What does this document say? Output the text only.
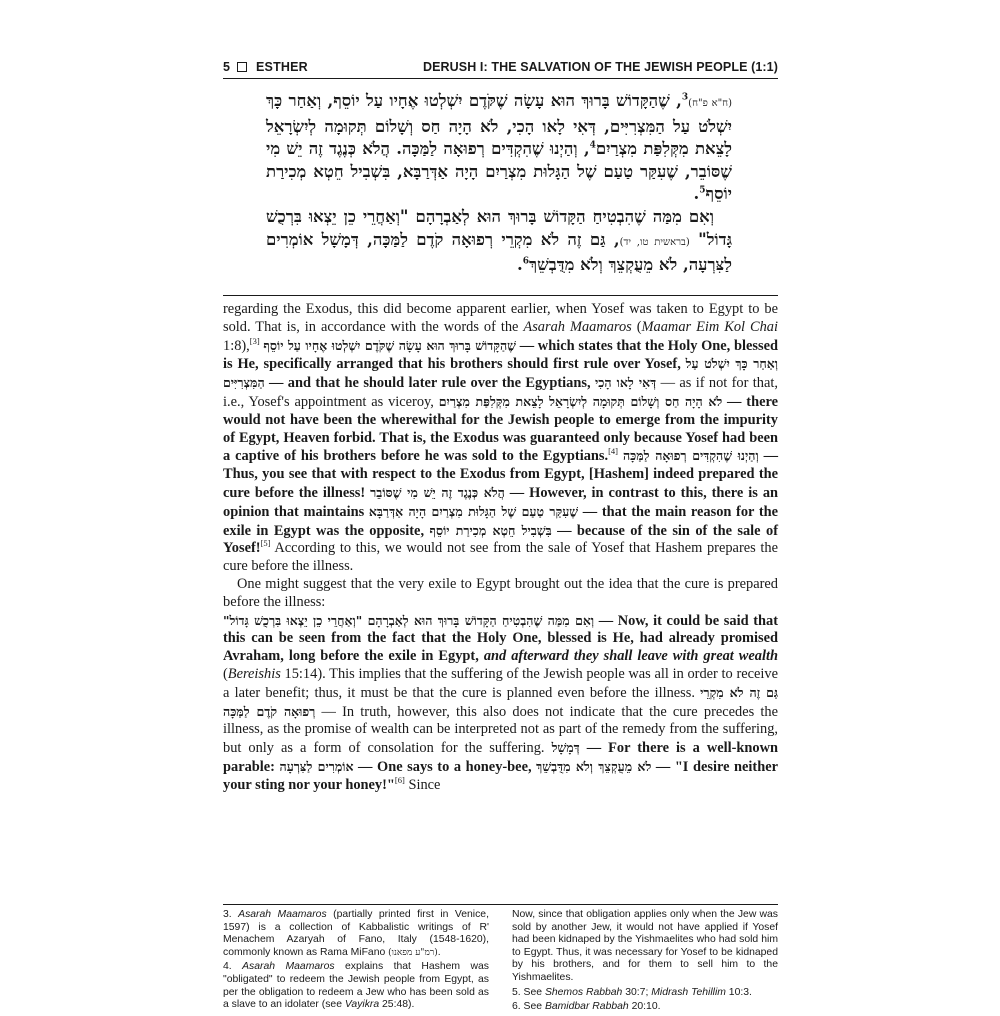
5 ESTHER	DERUSH I: THE SALVATION OF THE JEWISH PEOPLE (1:1)

(ח"א פ"ח)$^3$, שֶׁהַקָּדוֹשׁ בָּרוּךְ הוּא עָשָׂה שֶׁקֹּדֶם יִשְׁלְטוּ אֶחָיו עַל יוֹסֵף, וְאַחַר כָּךְ יִשְׁלֹט עַל הַמִּצְרִיִּים, דְּאִי לָאו הָכִי, לֹא הָיָה חַס וְשָׁלוֹם תְּקוּמָה לְיִשְׂרָאֵל לָצֵאת מִקְּלִפַּת מִצְרַיִם$^4$, וְהַיְנוּ שֶׁהִקְדִּים רְפוּאָה לַמַּכָּה. הֲלֹא כְּנֶגֶד זֶה יֵשׁ מִי שֶׁסּוֹבֵר, שֶׁעִקַּר טַעַם שֶׁל הַגָּלוּת מִצְרַיִם הָיָה אַדְּרַבָּא, בִּשְׁבִיל חֵטְא מְכִירַת יוֹסֵף$^5$.

וְאִם מִמַּה שֶׁהִבְטִיחַ הַקָּדוֹשׁ בָּרוּךְ הוּא לְאַבְרָהָם "וְאַחֲרֵי כֵן יֵצְאוּ בִּרְכֻשׁ גָּדוֹל" (בראשית טו, יד), גַּם זֶה לֹא מִקְרֵי רְפוּאָה קֹדֶם לַמַּכָּה, דְּמָשָׁל אוֹמְרִים לַצִּרְעָה, לֹא מֵעֻקְצֵךְ וְלֹא מִדֻּבְשֵׁךְ$^6$.

regarding the Exodus, this did become apparent earlier, when Yosef was taken to Egypt to be sold. That is, in accordance with the words of the Asarah Maamaros (Maamar Eim Kol Chai 1:8),[3] שֶׁהַקָּדוֹשׁ בָּרוּךְ הוּא עָשָׂה שֶׁקֹּדֶם יִשְׁלְטוּ אֶחָיו עַל יוֹסֵף — which states that the Holy One, blessed is He, specifically arranged that his brothers should first rule over Yosef, וְאַחַר כָּךְ יִשְׁלֹט עַל הַמִּצְרִיִּים — and that he should later rule over the Egyptians, דְּאִי לָאו הָכִי — as if not for that, i.e., Yosef's appointment as viceroy, לֹא הָיָה חַס וְשָׁלוֹם תְּקוּמָה לְיִשְׂרָאֵל לָצֵאת מִקְּלִפַּת מִצְרַיִם — there would not have been the wherewithal for the Jewish people to emerge from the impurity of Egypt, Heaven forbid. That is, the Exodus was guaranteed only because Yosef had been a captive of his brothers before he was sold to the Egyptians.[4] וְהַיְנוּ שֶׁהִקְדִּים רְפוּאָה לַמַּכָּה — Thus, you see that with respect to the Exodus from Egypt, [Hashem] indeed prepared the cure before the illness! הֲלֹא כְּנֶגֶד זֶה יֵשׁ מִי שֶׁסּוֹבֵר — However, in contrast to this, there is an opinion that maintains שֶׁעִקַּר טַעַם שֶׁל הַגָּלוּת מִצְרַיִם הָיָה אַדְּרַבָּא — that the main reason for the exile in Egypt was the opposite, בִּשְׁבִיל חֵטְא מְכִירַת יוֹסֵף — because of the sin of the sale of Yosef![5] According to this, we would not see from the sale of Yosef that Hashem prepares the cure before the illness.

One might suggest that the very exile to Egypt brought out the idea that the cure is prepared before the illness:

וְאִם מִמַּה שֶׁהִבְטִיחַ הַקָּדוֹשׁ בָּרוּךְ הוּא לְאַבְרָהָם "וְאַחֲרֵי כֵן יֵצְאוּ בִּרְכֻשׁ גָּדוֹל" — Now, it could be said that this can be seen from the fact that the Holy One, blessed is He, had already promised Avraham, long before the exile in Egypt, and afterward they shall leave with great wealth (Bereishis 15:14). This implies that the suffering of the Jewish people was all in order to receive a later benefit; thus, it must be that the cure is planned even before the illness. גַּם זֶה לֹא מִקְרֵי רְפוּאָה קֹדֶם לַמַּכָּה — In truth, however, this also does not indicate that the cure precedes the illness, as the promise of wealth can be interpreted not as part of the remedy from the suffering, but only as a form of consolation for the suffering. דְּמָשָׁל — For there is a well-known parable: אוֹמְרִים לַצִּרְעָה — One says to a honey-bee, לֹא מֵעֻקְצֵךְ וְלֹא מִדֻּבְשֵׁךְ — "I desire neither your sting nor your honey!"[6] Since

3. Asarah Maamaros (partially printed first in Venice, 1597) is a collection of Kabbalistic writings of R' Menachem Azaryah of Fano, Italy (1548-1620), commonly known as Rama MiFano (רמ"ע מפאנו).

4. Asarah Maamaros explains that Hashem was "obligated" to redeem the Jewish people from Egypt, as per the obligation to redeem a Jew who has been sold as a slave to an idolater (see Vayikra 25:48).

Now, since that obligation applies only when the Jew was sold by another Jew, it would not have applied if Yosef had been kidnaped by the Yishmaelites who had sold him to Egypt. Thus, it was necessary for Yosef to be kidnaped by his brothers, and for them to sell him to the Yishmaelites.

5. See Shemos Rabbah 30:7; Midrash Tehillim 10:3.

6. See Bamidbar Rabbah 20:10.
